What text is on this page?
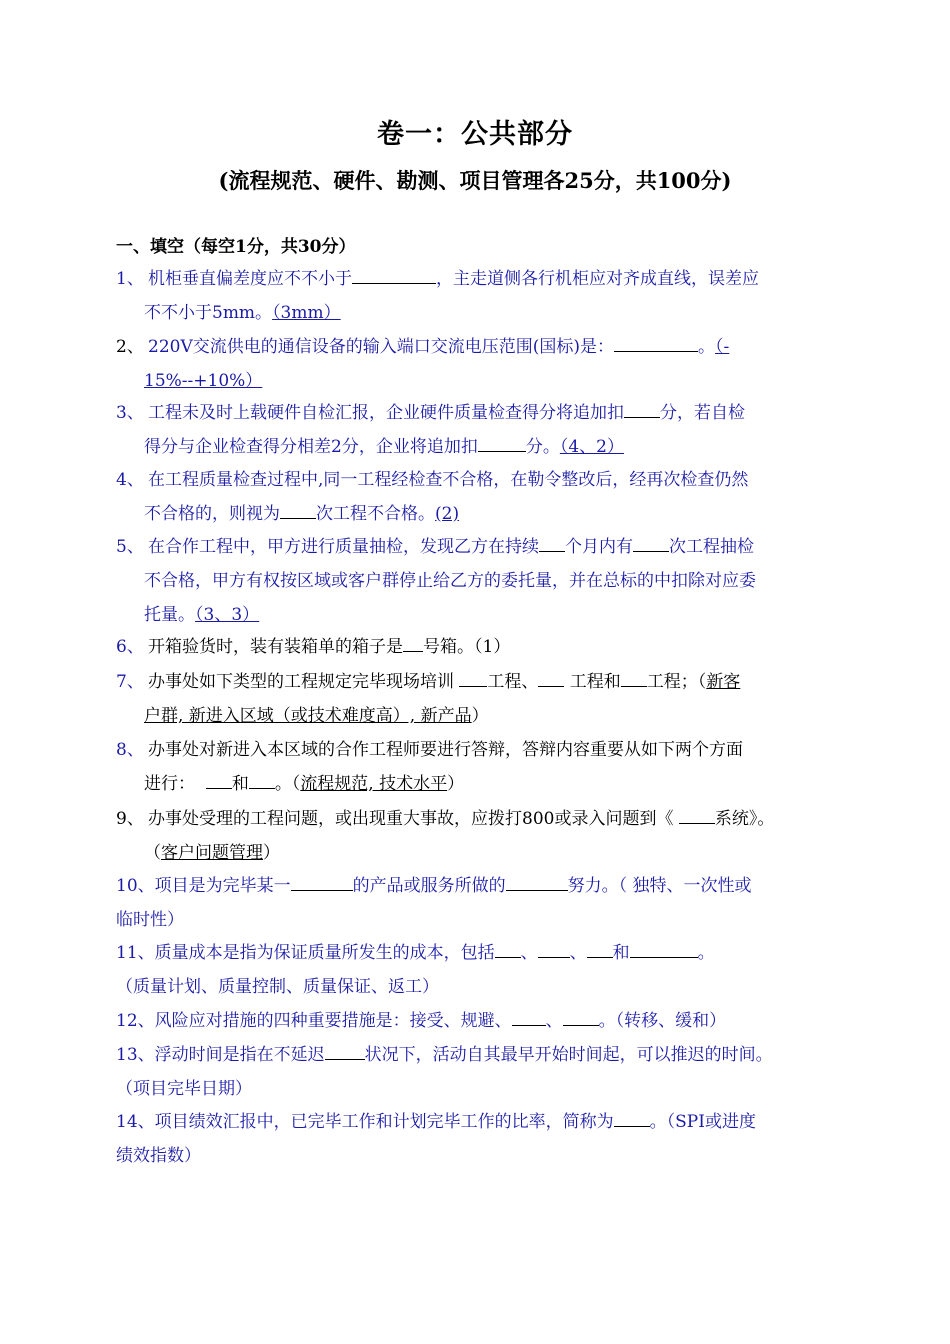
卷一：公共部分
(流程规范、硬件、勘测、项目管理各25分，共100分)
一、填空（每空1分，共30分）
1、 机柜垂直偏差度应不不小于	，主走道侧各行机柜应对齐成直线，误差应
不不小于5mm。（3mm）
2、 220V交流供电的通信设备的输入端口交流电压范围(国标)是：	。（-
15%--+10%）
3、 工程未及时上载硬件自检汇报，企业硬件质量检查得分将追加扣 分，若自检
得分与企业检查得分相差2分，企业将追加扣	分。（4、2）
4、 在工程质量检查过程中,同一工程经检查不合格，在勒令整改后，经再次检查仍然
不合格的，则视为 次工程不合格。(2)
5、 在合作工程中，甲方进行质量抽检，发现乙方在持续 个月内有 次工程抽检
不合格，甲方有权按区域或客户群停止给乙方的委托量，并在总标的中扣除对应委
托量。（3、3）
6、 开箱验货时，装有装箱单的箱子是 号箱。（1）
7、 办事处如下类型的工程规定完毕现场培训 工程、 工程和 工程；（新客
户群, 新进入区域（或技术难度高）, 新产品）
8、 办事处对新进入本区域的合作工程师要进行答辩，答辩内容重要从如下两个方面
进行： 和 。（流程规范, 技术水平）
9、 办事处受理的工程问题，或出现重大事故，应拨打800或录入问题到《 系统》。
（客户问题管理）
10、项目是为完毕某一	的产品或服务所做的	努力。（ 独特、一次性或
临时性）
11、质量成本是指为保证质量所发生的成本，包括 、 、 和	。
（质量计划、质量控制、质量保证、返工）
12、风险应对措施的四种重要措施是：接受、规避、 、 。（转移、缓和）
13、浮动时间是指在不延迟 状况下，活动自其最早开始时间起，可以推迟的时间。
（项目完毕日期）
14、项目绩效汇报中，已完毕工作和计划完毕工作的比率，简称为 。（SPI或进度
绩效指数）
